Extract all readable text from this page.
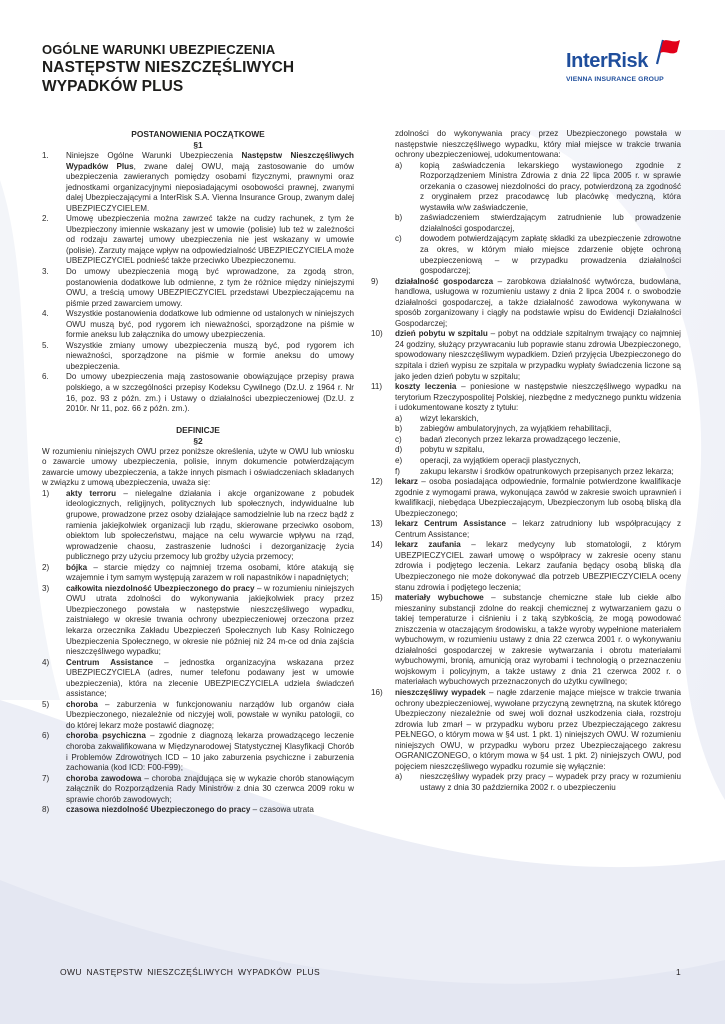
OGÓLNE WARUNKI UBEZPIECZENIA
NASTĘPSTW NIESZCZĘŚLIWYCH
WYPADKÓW PLUS
InterRisk
VIENNA INSURANCE GROUP
POSTANOWIENIA POCZĄTKOWE
§1
1.	Niniejsze Ogólne Warunki Ubezpieczenia Następstw Nieszczęśliwych Wypadków Plus, zwane dalej OWU, mają zastosowanie do umów ubezpieczenia zawieranych pomiędzy osobami fizycznymi, prawnymi oraz jednostkami organizacyjnymi nieposiadającymi osobowości prawnej, zwanymi dalej Ubezpieczającymi a InterRisk S.A. Vienna Insurance Group, zwanym dalej UBEZPIECZYCIELEM.
2.	Umowę ubezpieczenia można zawrzeć także na cudzy rachunek, z tym że Ubezpieczony imiennie wskazany jest w umowie (polisie) lub też w zależności od rodzaju zawartej umowy ubezpieczenia nie jest wskazany w umowie (polisie). Zarzuty mające wpływ na odpowiedzialność UBEZPIECZYCIELA może UBEZPIECZYCIEL podnieść także przeciwko Ubezpieczonemu.
3.	Do umowy ubezpieczenia mogą być wprowadzone, za zgodą stron, postanowienia dodatkowe lub odmienne, z tym że różnice między niniejszymi OWU, a treścią umowy UBEZPIECZYCIEL przedstawi Ubezpieczającemu na piśmie przed zawarciem umowy.
4.	Wszystkie postanowienia dodatkowe lub odmienne od ustalonych w niniejszych OWU muszą być, pod rygorem ich nieważności, sporządzone na piśmie w formie aneksu lub załącznika do umowy ubezpieczenia.
5.	Wszystkie zmiany umowy ubezpieczenia muszą być, pod rygorem ich nieważności, sporządzone na piśmie w formie aneksu do umowy ubezpieczenia.
6.	Do umowy ubezpieczenia mają zastosowanie obowiązujące przepisy prawa polskiego, a w szczególności przepisy Kodeksu Cywilnego (Dz.U. z 1964 r. Nr 16, poz. 93 z późn. zm.) i Ustawy o działalności ubezpieczeniowej (Dz.U. z 2010r. Nr 11, poz. 66 z późn. zm.).
DEFINICJE
§2

W rozumieniu niniejszych OWU przez poniższe określenia, użyte w OWU lub wniosku o zawarcie umowy ubezpieczenia, polisie, innym dokumencie potwierdzającym zawarcie umowy ubezpieczenia, a także innych pismach i oświadczeniach składanych w związku z umową ubezpieczenia, uważa się:

1)	akty terroru – nielegalne działania i akcje organizowane z pobudek ideologicznych, religijnych, politycznych lub społecznych, indywidualne lub grupowe, prowadzone przez osoby działające samodzielnie lub na rzecz bądź z ramienia jakiejkolwiek organizacji lub rządu, skierowane przeciwko osobom, obiektom lub społeczeństwu, mające na celu wywarcie wpływu na rząd, wprowadzenie chaosu, zastraszenie ludności i dezorganizację życia publicznego przy użyciu przemocy lub groźby użycia przemocy;
2)	bójka – starcie między co najmniej trzema osobami, które atakują się wzajemnie i tym samym występują zarazem w roli napastników i napadniętych;
3)	całkowita niezdolność Ubezpieczonego do pracy – w rozumieniu niniejszych OWU utrata zdolności do wykonywania jakiejkolwiek pracy przez Ubezpieczonego powstała w następstwie nieszczęśliwego wypadku, zaistniałego w okresie trwania ochrony ubezpieczeniowej orzeczona przez lekarza orzecznika Zakładu Ubezpieczeń Społecznych lub Kasy Rolniczego Ubezpieczenia Społecznego, w okresie nie później niż 24 m-ce od dnia zajścia nieszczęśliwego wypadku;
4)	Centrum Assistance – jednostka organizacyjna wskazana przez UBEZPIECZYCIELA (adres, numer telefonu podawany jest w umowie ubezpieczenia), która na zlecenie UBEZPIECZYCIELA udziela świadczeń assistance;
5)	choroba – zaburzenia w funkcjonowaniu narządów lub organów ciała Ubezpieczonego, niezależnie od niczyjej woli, powstałe w wyniku patologii, co do której lekarz może postawić diagnozę;
6)	choroba psychiczna – zgodnie z diagnozą lekarza prowadzącego leczenie choroba zakwalifikowana w Międzynarodowej Statystycznej Klasyfikacji Chorób i Problemów Zdrowotnych ICD – 10 jako zaburzenia psychiczne i zaburzenia zachowania (kod ICD: F00-F99);
7)	choroba zawodowa – choroba znajdująca się w wykazie chorób stanowiącym załącznik do Rozporządzenia Rady Ministrów z dnia 30 czerwca 2009 roku w sprawie chorób zawodowych;
8)	czasowa niezdolność Ubezpieczonego do pracy – czasowa utrata
zdolności do wykonywania pracy przez Ubezpieczonego powstała w następstwie nieszczęśliwego wypadku, który miał miejsce w trakcie trwania ochrony ubezpieczeniowej, udokumentowana:
a)	kopią zaświadczenia lekarskiego wystawionego zgodnie z Rozporządzeniem Ministra Zdrowia z dnia 22 lipca 2005 r. w sprawie orzekania o czasowej niezdolności do pracy, potwierdzoną za zgodność z oryginałem przez pracodawcę lub placówkę medyczną, która wystawiła w/w zaświadczenie,
b)	zaświadczeniem stwierdzającym zatrudnienie lub prowadzenie działalności gospodarczej,
c)	dowodem potwierdzającym zapłatę składki za ubezpieczenie zdrowotne za okres, w którym miało miejsce zdarzenie objęte ochroną ubezpieczeniową – w przypadku prowadzenia działalności gospodarczej;
9)	działalność gospodarcza – zarobkowa działalność wytwórcza, budowlana, handlowa, usługowa w rozumieniu ustawy z dnia 2 lipca 2004 r. o swobodzie działalności gospodarczej, a także działalność zawodowa wykonywana w sposób zorganizowany i ciągły na podstawie wpisu do Ewidencji Działalności Gospodarczej;
10)	dzień pobytu w szpitalu – pobyt na oddziale szpitalnym trwający co najmniej 24 godziny, służący przywracaniu lub poprawie stanu zdrowia Ubezpieczonego, spowodowany nieszczęśliwym wypadkiem. Dzień przyjęcia Ubezpieczonego do szpitala i dzień wypisu ze szpitala w przypadku wypłaty świadczenia liczone są jako jeden dzień pobytu w szpitalu;
11)	koszty leczenia – poniesione w następstwie nieszczęśliwego wypadku na terytorium Rzeczypospolitej Polskiej, niezbędne z medycznego punktu widzenia i udokumentowane koszty z tytułu:
a)	wizyt lekarskich,
b)	zabiegów ambulatoryjnych, za wyjątkiem rehabilitacji,
c)	badań zleconych przez lekarza prowadzącego leczenie,
d)	pobytu w szpitalu,
e)	operacji, za wyjątkiem operacji plastycznych,
f)	zakupu lekarstw i środków opatrunkowych przepisanych przez lekarza;
12)	lekarz – osoba posiadająca odpowiednie, formalnie potwierdzone kwalifikacje zgodnie z wymogami prawa, wykonująca zawód w zakresie swoich uprawnień i kwalifikacji, niebędąca Ubezpieczającym, Ubezpieczonym lub osobą bliską dla Ubezpieczonego;
13)	lekarz Centrum Assistance – lekarz zatrudniony lub współpracujący z Centrum Assistance;
14)	lekarz zaufania – lekarz medycyny lub stomatologii, z którym UBEZPIECZYCIEL zawarł umowę o współpracy w zakresie oceny stanu zdrowia i podjętego leczenia. Lekarz zaufania będący osobą bliską dla Ubezpieczonego nie może dokonywać dla potrzeb UBEZPIECZYCIELA oceny stanu zdrowia i podjętego leczenia;
15)	materiały wybuchowe – substancje chemiczne stałe lub ciekłe albo mieszaniny substancji zdolne do reakcji chemicznej z wytwarzaniem gazu o takiej temperaturze i ciśnieniu i z taką szybkością, że mogą powodować zniszczenia w otaczającym środowisku, a także wyroby wypełnione materiałem wybuchowym, w rozumieniu ustawy z dnia 22 czerwca 2001 r. o wykonywaniu działalności gospodarczej w zakresie wytwarzania i obrotu materiałami wybuchowymi, bronią, amunicją oraz wyrobami i technologią o przeznaczeniu wojskowym i policyjnym, a także ustawy z dnia 21 czerwca 2002 r. o materiałach wybuchowych przeznaczonych do użytku cywilnego;
16)	nieszczęśliwy wypadek – nagłe zdarzenie mające miejsce w trakcie trwania ochrony ubezpieczeniowej, wywołane przyczyną zewnętrzną, na skutek którego Ubezpieczony niezależnie od swej woli doznał uszkodzenia ciała, rozstroju zdrowia lub zmarł – w przypadku wyboru przez Ubezpieczającego zakresu PEŁNEGO, o którym mowa w §4 ust. 1 pkt. 1) niniejszych OWU. W rozumieniu niniejszych OWU, w przypadku wyboru przez Ubezpieczającego zakresu OGRANICZONEGO, o którym mowa w §4 ust. 1 pkt. 2) niniejszych OWU, pod pojęciem nieszczęśliwego wypadku rozumie się wyłącznie:
a)	nieszczęśliwy wypadek przy pracy – wypadek przy pracy w rozumieniu ustawy z dnia 30 października 2002 r. o ubezpieczeniu
OWU NASTĘPSTW NIESZCZĘŚLIWYCH WYPADKÓW PLUS	1
